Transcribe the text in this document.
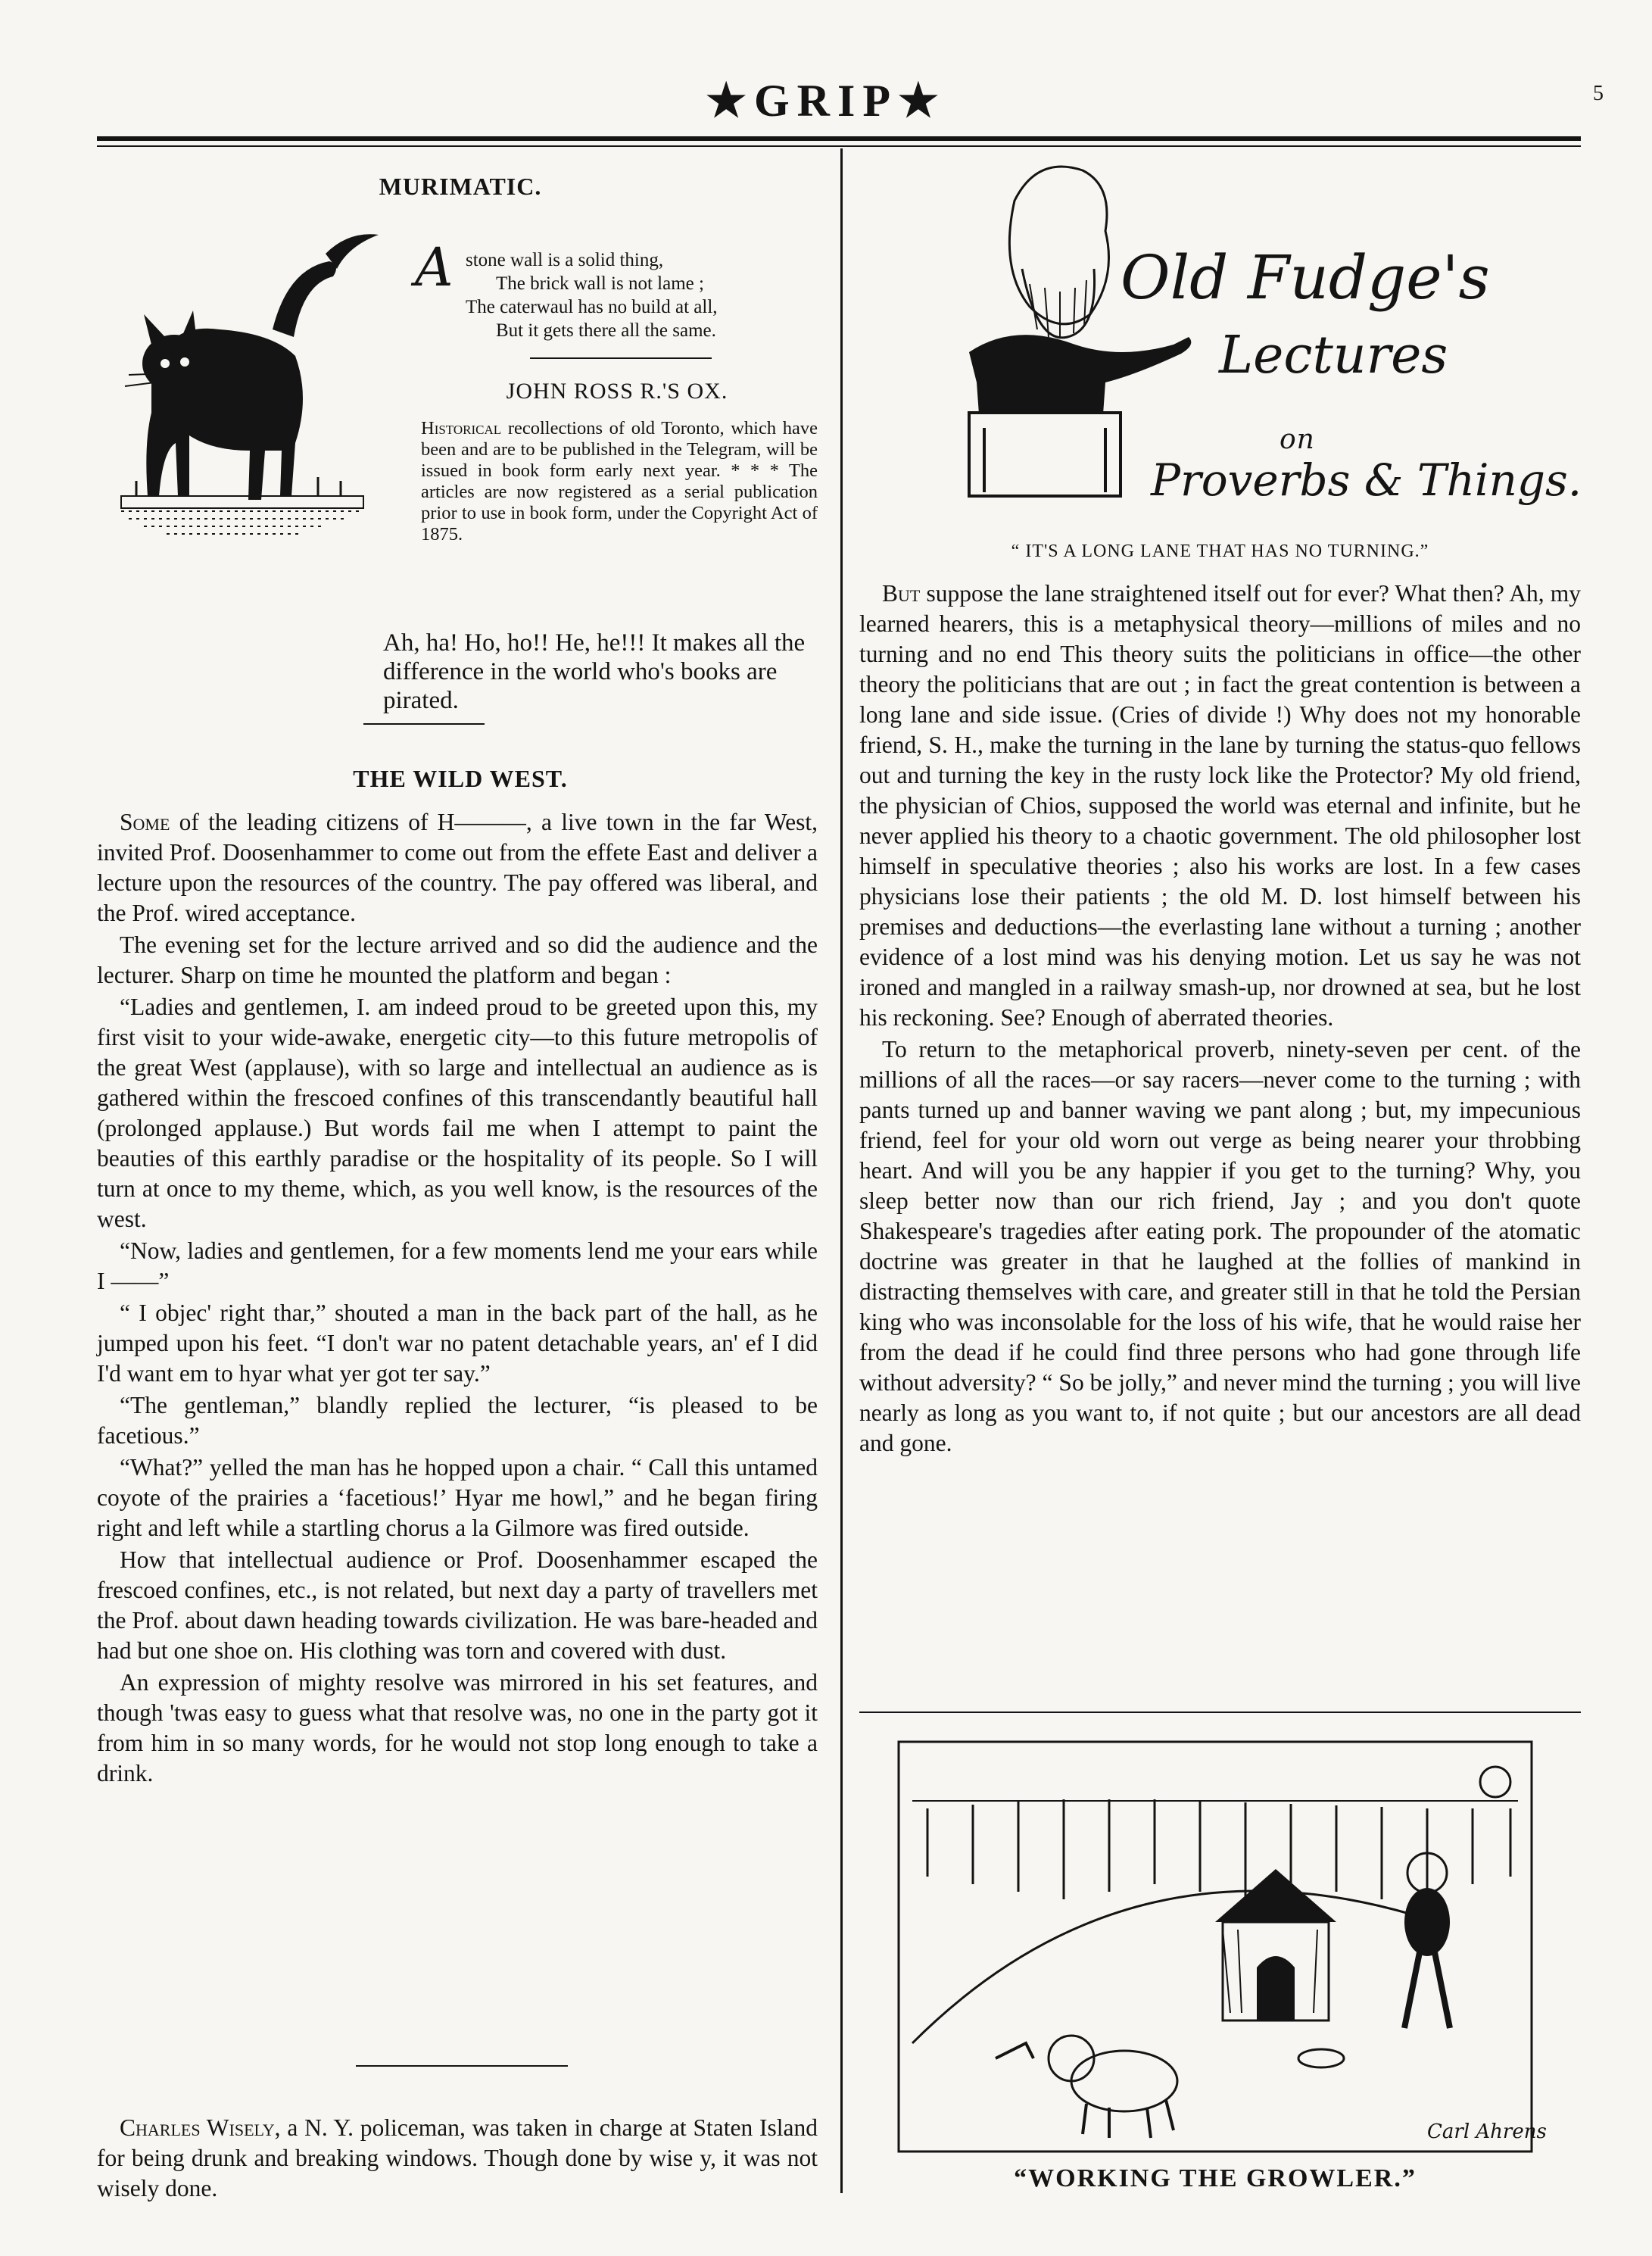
★GRIP★	5
MURIMATIC.
A stone wall is a solid thing,
The brick wall is not lame ;
The caterwaul has no build at all,
But it gets there all the same.
JOHN ROSS R.'S OX.
Historical recollections of old Toronto, which have been and are to be published in the Telegram, will be issued in book form early next year. * * * The articles are now registered as a serial publication prior to use in book form, under the Copyright Act of 1875.
Ah, ha! Ho, ho!! He, he!!! It makes all the difference in the world who's books are pirated.
THE WILD WEST.

Some of the leading citizens of H———, a live town in the far West, invited Prof. Doosenhammer to come out from the effete East and deliver a lecture upon the resources of the country. The pay offered was liberal, and the Prof. wired acceptance.

The evening set for the lecture arrived and so did the audience and the lecturer. Sharp on time he mounted the platform and began :

“Ladies and gentlemen, I. am indeed proud to be greeted upon this, my first visit to your wide-awake, energetic city—to this future metropolis of the great West (applause), with so large and intellectual an audience as is gathered within the frescoed confines of this transcendantly beautiful hall (prolonged applause.) But words fail me when I attempt to paint the beauties of this earthly paradise or the hospitality of its people. So I will turn at once to my theme, which, as you well know, is the resources of the west.

“Now, ladies and gentlemen, for a few moments lend me your ears while I ——”

“ I objec' right thar,” shouted a man in the back part of the hall, as he jumped upon his feet. “I don't war no patent detachable years, an' ef I did I'd want em to hyar what yer got ter say.”

“The gentleman,” blandly replied the lecturer, “is pleased to be facetious.”

“What?” yelled the man has he hopped upon a chair. “ Call this untamed coyote of the prairies a ‘facetious!’ Hyar me howl,” and he began firing right and left while a startling chorus a la Gilmore was fired outside.

How that intellectual audience or Prof. Doosenhammer escaped the frescoed confines, etc., is not related, but next day a party of travellers met the Prof. about dawn heading towards civilization. He was bare-headed and had but one shoe on. His clothing was torn and covered with dust.

An expression of mighty resolve was mirrored in his set features, and though 'twas easy to guess what that resolve was, no one in the party got it from him in so many words, for he would not stop long enough to take a drink.

Charles Wisely, a N. Y. policeman, was taken in charge at Staten Island for being drunk and breaking windows. Though done by wise y, it was not wisely done.

Old Fudge's
Lectures
on
Proverbs & Things.
“ IT'S A LONG LANE THAT HAS NO TURNING.”

But suppose the lane straightened itself out for ever? What then? Ah, my learned hearers, this is a metaphysical theory—millions of miles and no turning and no end This theory suits the politicians in office—the other theory the politicians that are out ; in fact the great contention is between a long lane and side issue. (Cries of divide !) Why does not my honorable friend, S. H., make the turning in the lane by turning the status-quo fellows out and turning the key in the rusty lock like the Protector? My old friend, the physician of Chios, supposed the world was eternal and infinite, but he never applied his theory to a chaotic government. The old philosopher lost himself in speculative theories ; also his works are lost. In a few cases physicians lose their patients ; the old M. D. lost himself between his premises and deductions—the everlasting lane without a turning ; another evidence of a lost mind was his denying motion. Let us say he was not ironed and mangled in a railway smash-up, nor drowned at sea, but he lost his reckoning. See? Enough of aberrated theories.

To return to the metaphorical proverb, ninety-seven per cent. of the millions of all the races—or say racers—never come to the turning ; with pants turned up and banner waving we pant along ; but, my impecunious friend, feel for your old worn out verge as being nearer your throbbing heart. And will you be any happier if you get to the turning? Why, you sleep better now than our rich friend, Jay ; and you don't quote Shakespeare's tragedies after eating pork. The propounder of the atomatic doctrine was greater in that he laughed at the follies of mankind in distracting themselves with care, and greater still in that he told the Persian king who was inconsolable for the loss of his wife, that he would raise her from the dead if he could find three persons who had gone through life without adversity? “ So be jolly,” and never mind the turning ; you will live nearly as long as you want to, if not quite ; but our ancestors are all dead and gone.

Carl Ahrens
“WORKING THE GROWLER.”
